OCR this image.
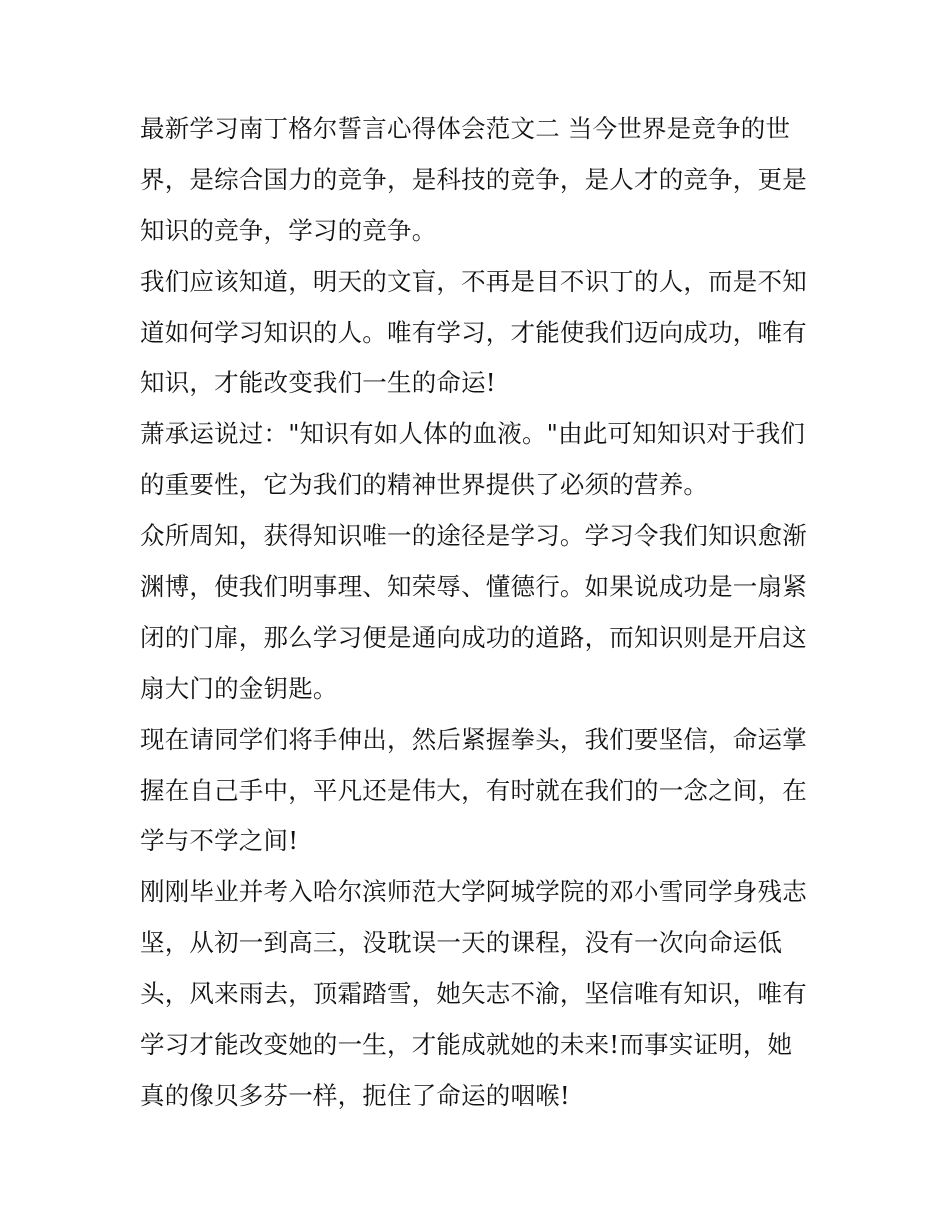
最新学习南丁格尔誓言心得体会范文二 当今世界是竞争的世
界，是综合国力的竞争，是科技的竞争，是人才的竞争，更是
知识的竞争，学习的竞争。
我们应该知道，明天的文盲，不再是目不识丁的人，而是不知
道如何学习知识的人。唯有学习，才能使我们迈向成功，唯有
知识，才能改变我们一生的命运!
萧承运说过："知识有如人体的血液。"由此可知知识对于我们
的重要性，它为我们的精神世界提供了必须的营养。
众所周知，获得知识唯一的途径是学习。学习令我们知识愈渐
渊博，使我们明事理、知荣辱、懂德行。如果说成功是一扇紧
闭的门扉，那么学习便是通向成功的道路，而知识则是开启这
扇大门的金钥匙。
现在请同学们将手伸出，然后紧握拳头，我们要坚信，命运掌
握在自己手中，平凡还是伟大，有时就在我们的一念之间，在
学与不学之间!
刚刚毕业并考入哈尔滨师范大学阿城学院的邓小雪同学身残志
坚，从初一到高三，没耽误一天的课程，没有一次向命运低
头，风来雨去，顶霜踏雪，她矢志不渝，坚信唯有知识，唯有
学习才能改变她的一生，才能成就她的未来!而事实证明，她
真的像贝多芬一样，扼住了命运的咽喉!
